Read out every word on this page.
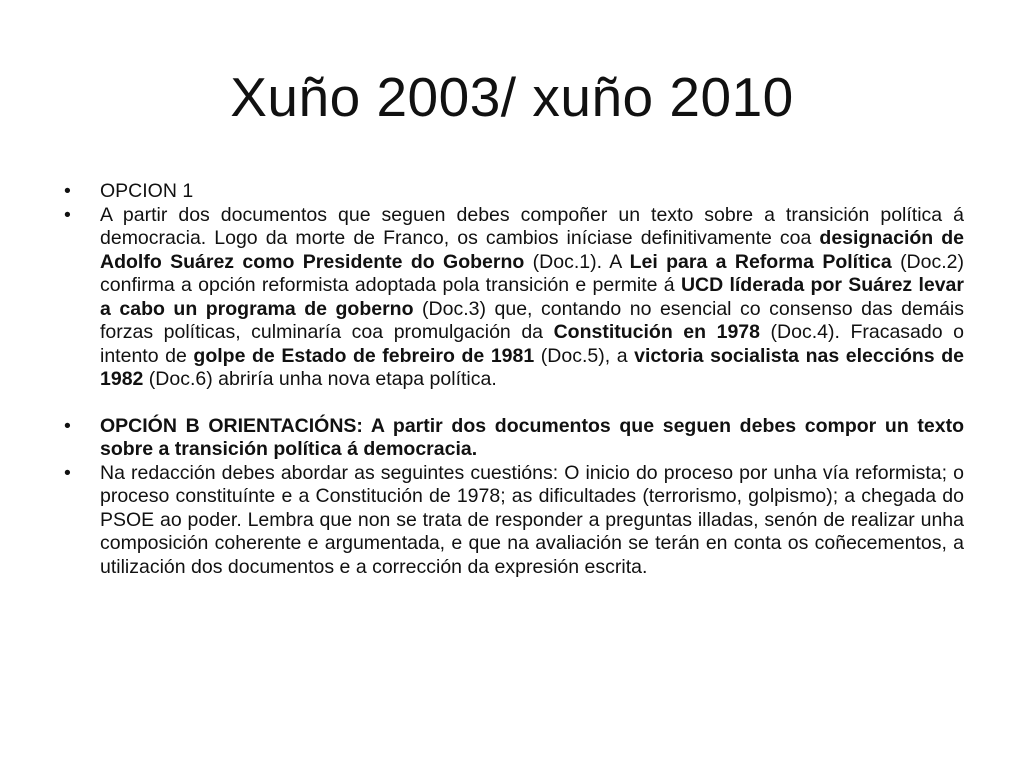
Xuño 2003/ xuño 2010
•	OPCION 1
•	A partir dos documentos que seguen debes compoñer un texto sobre a transición política á democracia. Logo da morte de Franco, os cambios iníciase definitivamente coa designación de Adolfo Suárez como Presidente do Goberno (Doc.1). A Lei para a Reforma Política (Doc.2) confirma a opción reformista adoptada pola transición e permite á UCD líderada por Suárez levar a cabo un programa de goberno (Doc.3) que, contando no esencial co consenso das demáis forzas políticas, culminaría coa promulgación da Constitución en 1978 (Doc.4). Fracasado o intento de golpe de Estado de febreiro de 1981 (Doc.5), a victoria socialista nas eleccións de 1982 (Doc.6) abriría unha nova etapa política.
•	OPCIÓN B ORIENTACIÓNS: A partir dos documentos que seguen debes compor un texto sobre a transición política á democracia.
•	Na redacción debes abordar as seguintes cuestións: O inicio do proceso por unha vía reformista; o proceso constituínte e a Constitución de 1978; as dificultades (terrorismo, golpismo); a chegada do PSOE ao poder. Lembra que non se trata de responder a preguntas illadas, senón de realizar unha composición coherente e argumentada, e que na avaliación se terán en conta os coñecementos, a utilización dos documentos e a corrección da expresión escrita.
